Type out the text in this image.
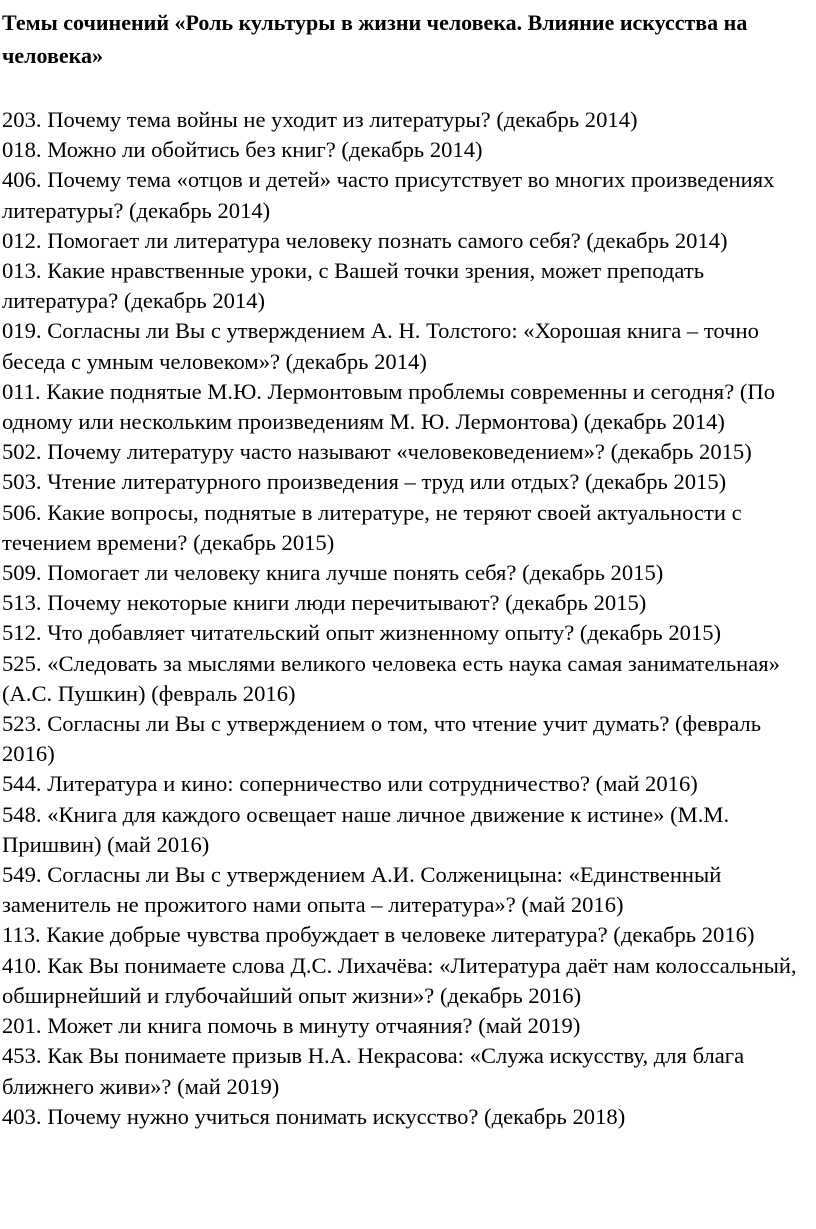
Темы сочинений «Роль культуры в жизни человека. Влияние искусства на человека»
203. Почему тема войны не уходит из литературы? (декабрь 2014)
018. Можно ли обойтись без книг? (декабрь 2014)
406. Почему тема «отцов и детей» часто присутствует во многих произведениях литературы? (декабрь 2014)
012. Помогает ли литература человеку познать самого себя? (декабрь 2014)
013. Какие нравственные уроки, с Вашей точки зрения, может преподать литература? (декабрь 2014)
019. Согласны ли Вы с утверждением А. Н. Толстого: «Хорошая книга – точно беседа с умным человеком»? (декабрь 2014)
011. Какие поднятые М.Ю. Лермонтовым проблемы современны и сегодня? (По одному или нескольким произведениям М. Ю. Лермонтова) (декабрь 2014)
502. Почему литературу часто называют «человековедением»? (декабрь 2015)
503. Чтение литературного произведения – труд или отдых? (декабрь 2015)
506. Какие вопросы, поднятые в литературе, не теряют своей актуальности с течением времени? (декабрь 2015)
509. Помогает ли человеку книга лучше понять себя? (декабрь 2015)
513. Почему некоторые книги люди перечитывают? (декабрь 2015)
512. Что добавляет читательский опыт жизненному опыту? (декабрь 2015)
525. «Следовать за мыслями великого человека есть наука самая занимательная» (А.С. Пушкин) (февраль 2016)
523. Согласны ли Вы с утверждением о том, что чтение учит думать? (февраль 2016)
544. Литература и кино: соперничество или сотрудничество? (май 2016)
548. «Книга для каждого освещает наше личное движение к истине» (М.М. Пришвин) (май 2016)
549. Согласны ли Вы с утверждением А.И. Солженицына: «Единственный заменитель не прожитого нами опыта – литература»? (май 2016)
113. Какие добрые чувства пробуждает в человеке литература? (декабрь 2016)
410. Как Вы понимаете слова Д.С. Лихачёва: «Литература даёт нам колоссальный, обширнейший и глубочайший опыт жизни»? (декабрь 2016)
201. Может ли книга помочь в минуту отчаяния? (май 2019)
453. Как Вы понимаете призыв Н.А. Некрасова: «Служа искусству, для блага ближнего живи»? (май 2019)
403. Почему нужно учиться понимать искусство? (декабрь 2018)
